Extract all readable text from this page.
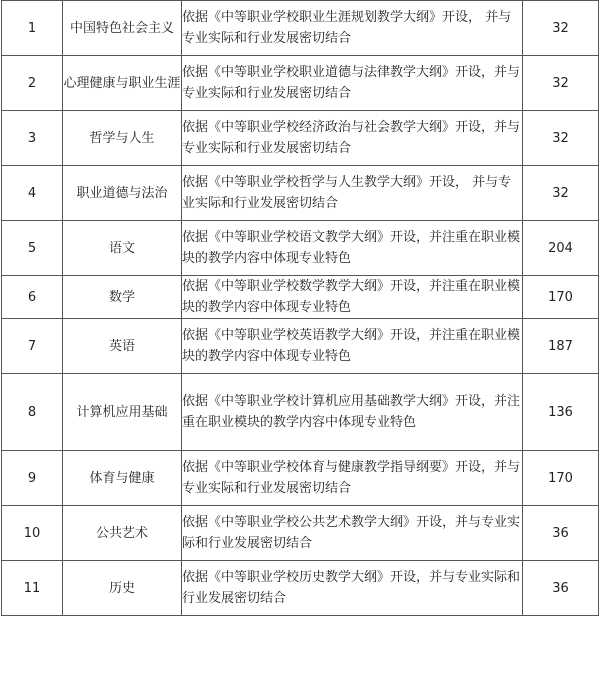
1	中国特色社会主义	依据《中等职业学校职业生涯规划教学大纲》开设， 并与专业实际和行业发展密切结合	32
2	心理健康与职业生涯	依据《中等职业学校职业道德与法律教学大纲》开设，并与专业实际和行业发展密切结合	32
3	哲学与人生	依据《中等职业学校经济政治与社会教学大纲》开设，并与专业实际和行业发展密切结合	32
4	职业道德与法治	依据《中等职业学校哲学与人生教学大纲》开设， 并与专业实际和行业发展密切结合	32
5	语文	依据《中等职业学校语文教学大纲》开设，并注重在职业模块的教学内容中体现专业特色	204
6	数学	依据《中等职业学校数学教学大纲》开设，并注重在职业模块的教学内容中体现专业特色	170
7	英语	依据《中等职业学校英语教学大纲》开设，并注重在职业模块的教学内容中体现专业特色	187
8	计算机应用基础	依据《中等职业学校计算机应用基础教学大纲》开设，并注重在职业模块的教学内容中体现专业特色	136
9	体育与健康	依据《中等职业学校体育与健康教学指导纲要》开设，并与专业实际和行业发展密切结合	170
10	公共艺术	依据《中等职业学校公共艺术教学大纲》开设，并与专业实际和行业发展密切结合	36
11	历史	依据《中等职业学校历史教学大纲》开设，并与专业实际和行业发展密切结合	36
